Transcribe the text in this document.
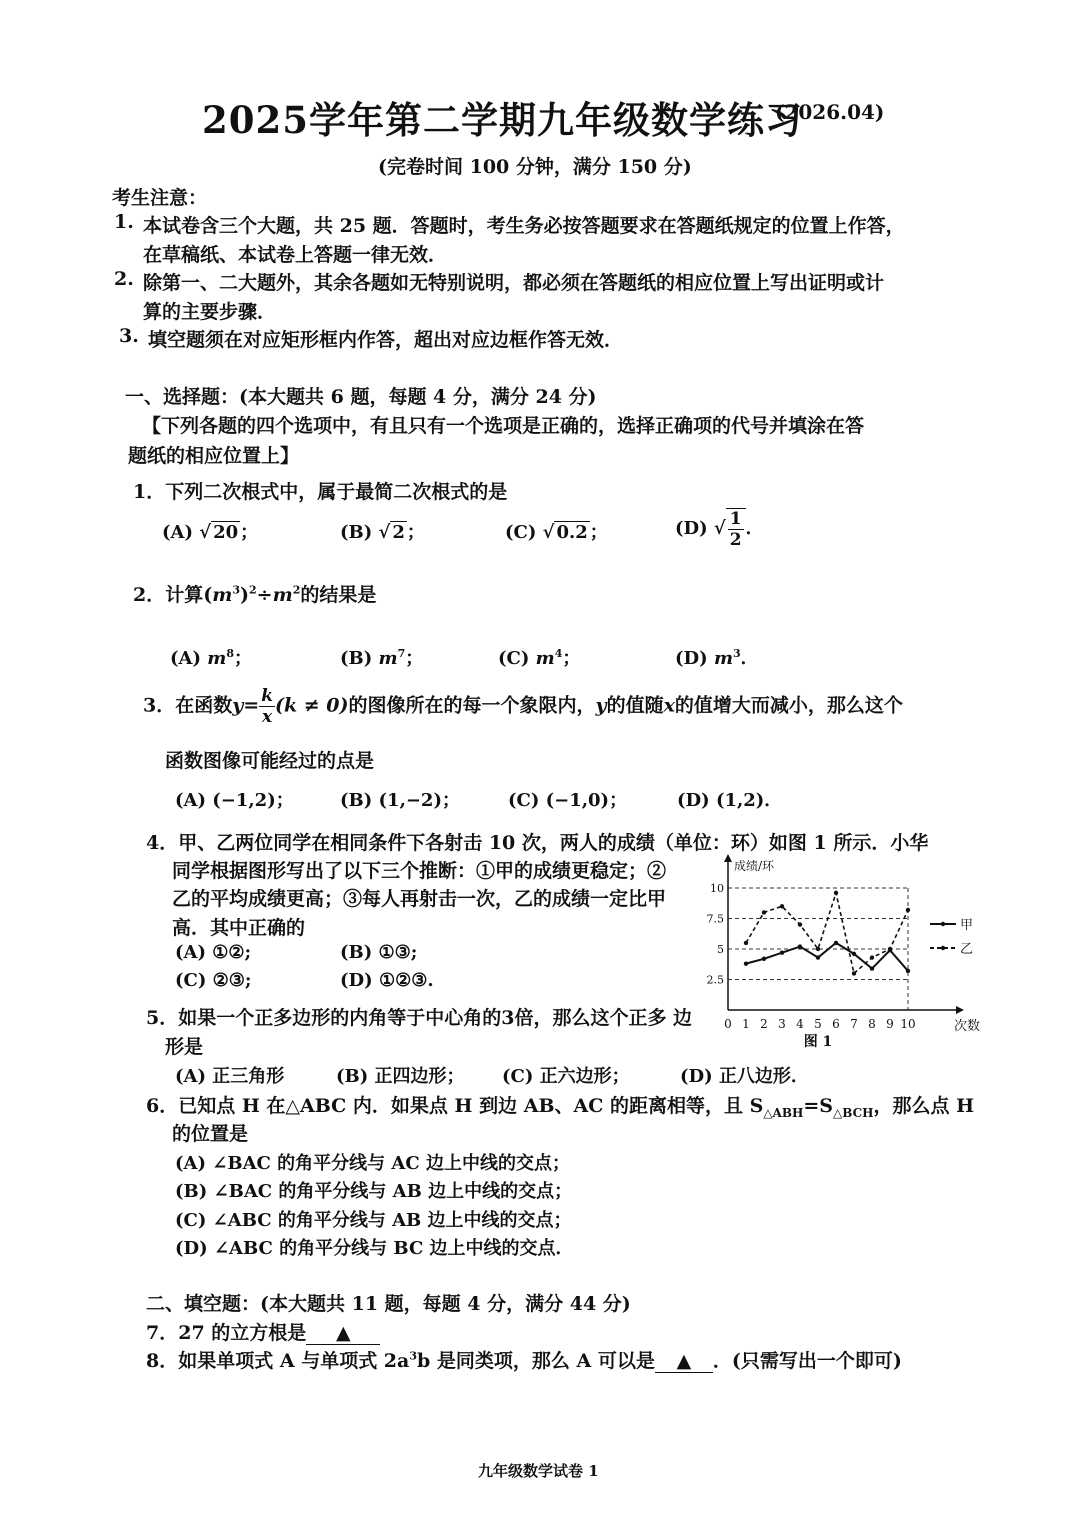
2025学年第二学期九年级数学练习
(2026.04)
(完卷时间 100 分钟，满分 150 分)
考生注意：
1. 本试卷含三个大题，共 25 题．答题时，考生务必按答题要求在答题纸规定的位置上作答，
在草稿纸、本试卷上答题一律无效．
2. 除第一、二大题外，其余各题如无特别说明，都必须在答题纸的相应位置上写出证明或计
算的主要步骤．
3. 填空题须在对应矩形框内作答，超出对应边框作答无效．
一、选择题：(本大题共 6 题，每题 4 分，满分 24 分)
【下列各题的四个选项中，有且只有一个选项是正确的，选择正确项的代号并填涂在答
题纸的相应位置上】
1．下列二次根式中，属于最简二次根式的是
(A) √ 20 ；	(B) √ 2 ；	(C) √ 0.2 ；	(D) √ $\frac{1}{2}$ ．
2．计算$(m^3)^2\div m^2$的结果是
(A) $m^8$；	(B) $m^7$；	(C) $m^4$；	(D) $m^3$．
3．在函数$y= \frac{k}{x} (k \ne 0)$的图像所在的每一个象限内，y的值随x的值增大而减小，那么这个
函数图像可能经过的点是
(A) (−1,2)；	(B) (1,−2)；	(C) (−1,0)；	(D) (1,2)．
4．甲、乙两位同学在相同条件下各射击 10 次，两人的成绩（单位：环）如图 1 所示．小华
同学根据图形写出了以下三个推断：①甲的成绩更稳定；②
乙的平均成绩更高；③每人再射击一次，乙的成绩一定比甲
高．其中正确的
(A) ①②;	(B) ①③;
(C) ②③;	(D) ①②③.	2.5
5
7.5
10
0 1 2 3 4 5 6 7 8 9 10
成绩/环
次数
图 1
甲
乙
5．如果一个正多边形的内角等于中心角的3倍，那么这个正多 边
形是
(A) 正三角形	(B) 正四边形； (C) 正六边形；	(D) 正八边形．
6．已知点 H 在△ABC 内．如果点 H 到边 AB、AC 的距离相等，且 $S_{\triangle ABH}=S_{\triangle BCH}$，那么点 H
的位置是
(A) ∠BAC 的角平分线与 AC 边上中线的交点；
(B) ∠BAC 的角平分线与 AB 边上中线的交点；
(C) ∠ABC 的角平分线与 AB 边上中线的交点；
(D) ∠ABC 的角平分线与 BC 边上中线的交点．
二、填空题：(本大题共 11 题，每题 4 分，满分 44 分)
7．27 的立方根是 ▲
8．如果单项式 A 与单项式 $2a^3b$ 是同类项，那么 A 可以是 ▲ ．(只需写出一个即可)
九年级数学试卷 1
